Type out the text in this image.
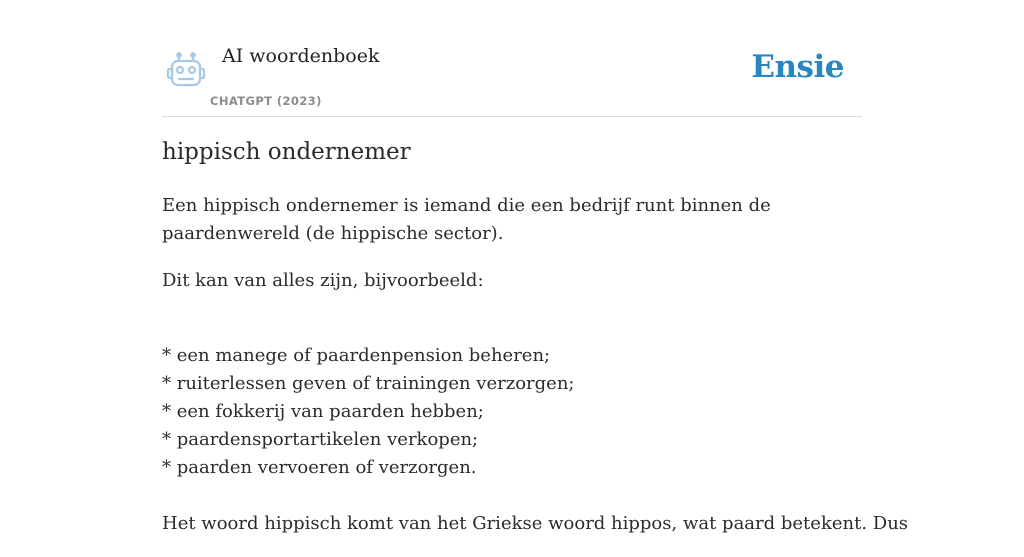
AI woordenboek
CHATGPT (2023)
Ensie
hippisch ondernemer

Een hippisch ondernemer is iemand die een bedrijf runt binnen de paardenwereld (de hippische sector).

Dit kan van alles zijn, bijvoorbeeld:

* een manege of paardenpension beheren;
* ruiterlessen geven of trainingen verzorgen;
* een fokkerij van paarden hebben;
* paardensportartikelen verkopen;
* paarden vervoeren of verzorgen.

Het woord hippisch komt van het Griekse woord hippos, wat paard betekent. Dus
